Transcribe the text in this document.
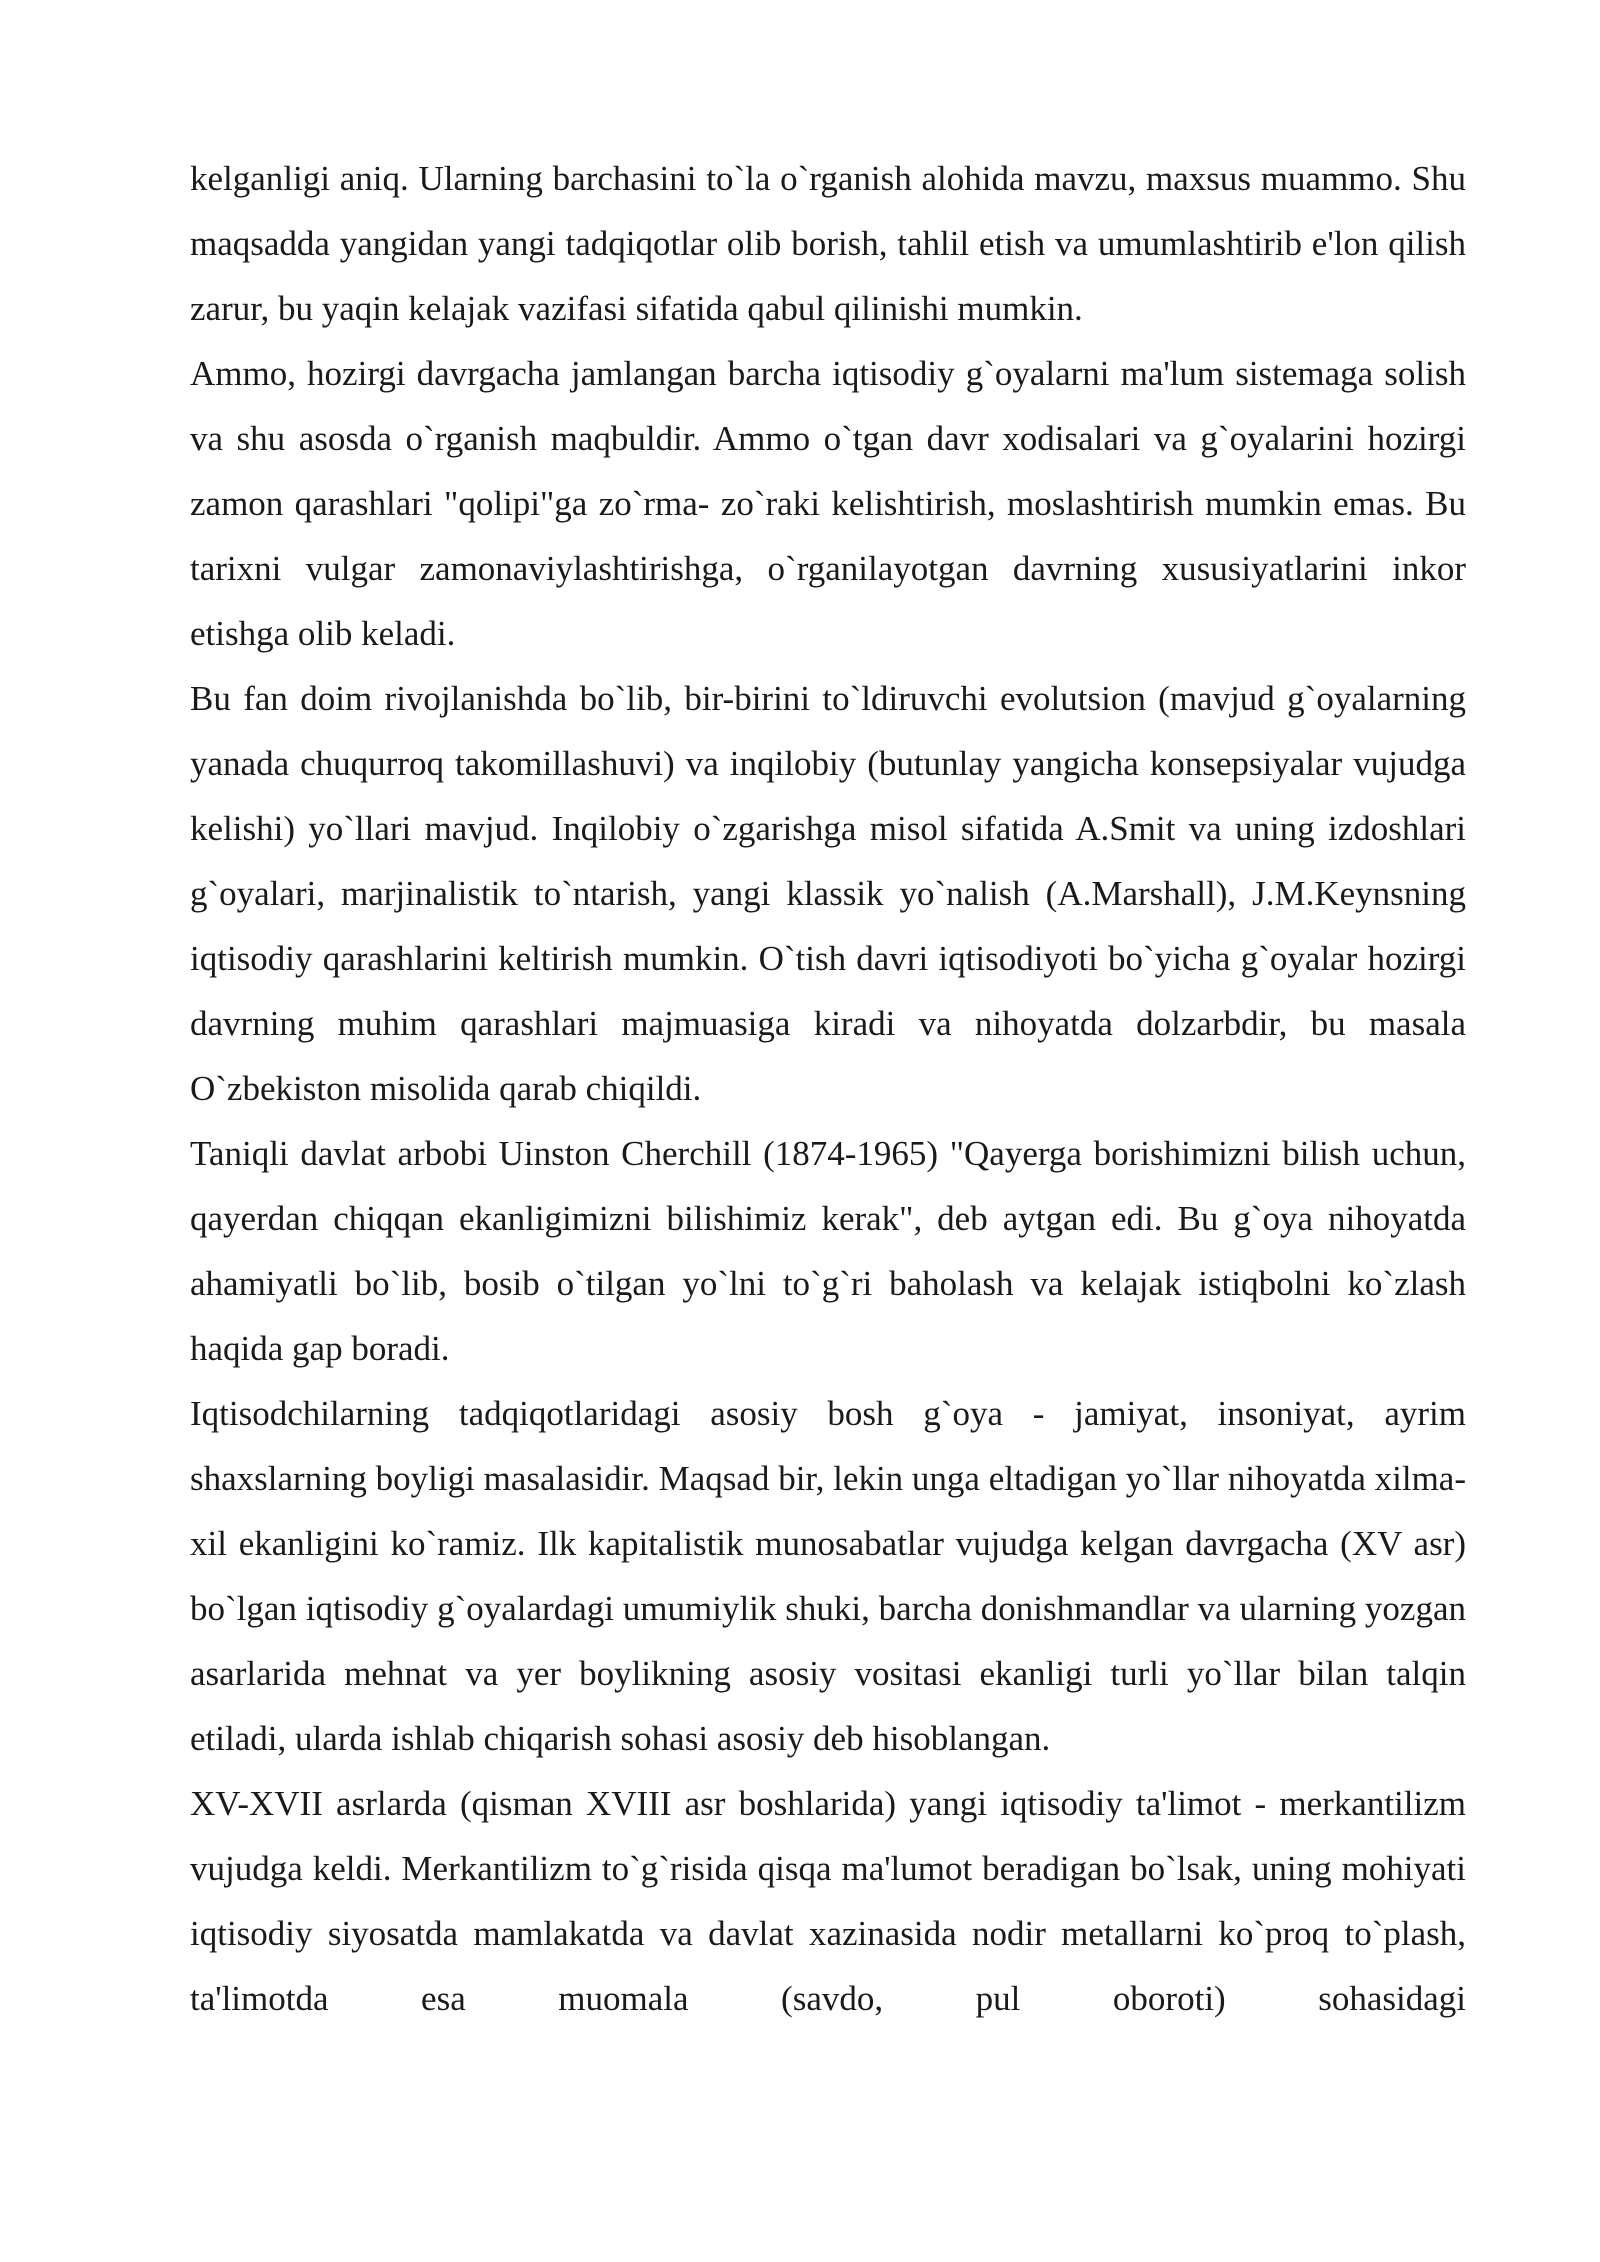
kelganligi aniq. Ularning barchasini to`la o`rganish alohida mavzu, maxsus muammo. Shu maqsadda yangidan yangi tadqiqotlar olib borish, tahlil etish va umumlashtirib e'lon qilish zarur, bu yaqin kelajak vazifasi sifatida qabul qilinishi mumkin.

Ammo, hozirgi davrgacha jamlangan barcha iqtisodiy g`oyalarni ma'lum sistemaga solish va shu asosda o`rganish maqbuldir. Ammo o`tgan davr xodisalari va g`oyalarini hozirgi zamon qarashlari "qolipi"ga zo`rma- zo`raki kelishtirish, moslashtirish mumkin emas. Bu tarixni vulgar zamonaviylashtirishga, o`rganilayotgan davrning xususiyatlarini inkor etishga olib keladi.

Bu fan doim rivojlanishda bo`lib, bir-birini to`ldiruvchi evolutsion (mavjud g`oyalarning yanada chuqurroq takomillashuvi) va inqilobiy (butunlay yangicha konsepsiyalar vujudga kelishi) yo`llari mavjud. Inqilobiy o`zgarishga misol sifatida A.Smit va uning izdoshlari g`oyalari, marjinalistik to`ntarish, yangi klassik yo`nalish (A.Marshall), J.M.Keynsning iqtisodiy qarashlarini keltirish mumkin. O`tish davri iqtisodiyoti bo`yicha g`oyalar hozirgi davrning muhim qarashlari majmuasiga kiradi va nihoyatda dolzarbdir, bu masala O`zbekiston misolida qarab chiqildi.

Taniqli davlat arbobi Uinston Cherchill (1874-1965) "Qayerga borishimizni bilish uchun, qayerdan chiqqan ekanligimizni bilishimiz kerak", deb aytgan edi. Bu g`oya nihoyatda ahamiyatli bo`lib, bosib o`tilgan yo`lni to`g`ri baholash va kelajak istiqbolni ko`zlash haqida gap boradi.

Iqtisodchilarning tadqiqotlaridagi asosiy bosh g`oya - jamiyat, insoniyat, ayrim shaxslarning boyligi masalasidir. Maqsad bir, lekin unga eltadigan yo`llar nihoyatda xilma-xil ekanligini ko`ramiz. Ilk kapitalistik munosabatlar vujudga kelgan davrgacha (XV asr) bo`lgan iqtisodiy g`oyalardagi umumiylik shuki, barcha donishmandlar va ularning yozgan asarlarida mehnat va yer boylikning asosiy vositasi ekanligi turli yo`llar bilan talqin etiladi, ularda ishlab chiqarish sohasi asosiy deb hisoblangan.

XV-XVII asrlarda (qisman XVIII asr boshlarida) yangi iqtisodiy ta'limot - merkantilizm vujudga keldi. Merkantilizm to`g`risida qisqa ma'lumot beradigan bo`lsak, uning mohiyati iqtisodiy siyosatda mamlakatda va davlat xazinasida nodir metallarni ko`proq to`plash, ta'limotda esa muomala (savdo, pul oboroti) sohasidagi
